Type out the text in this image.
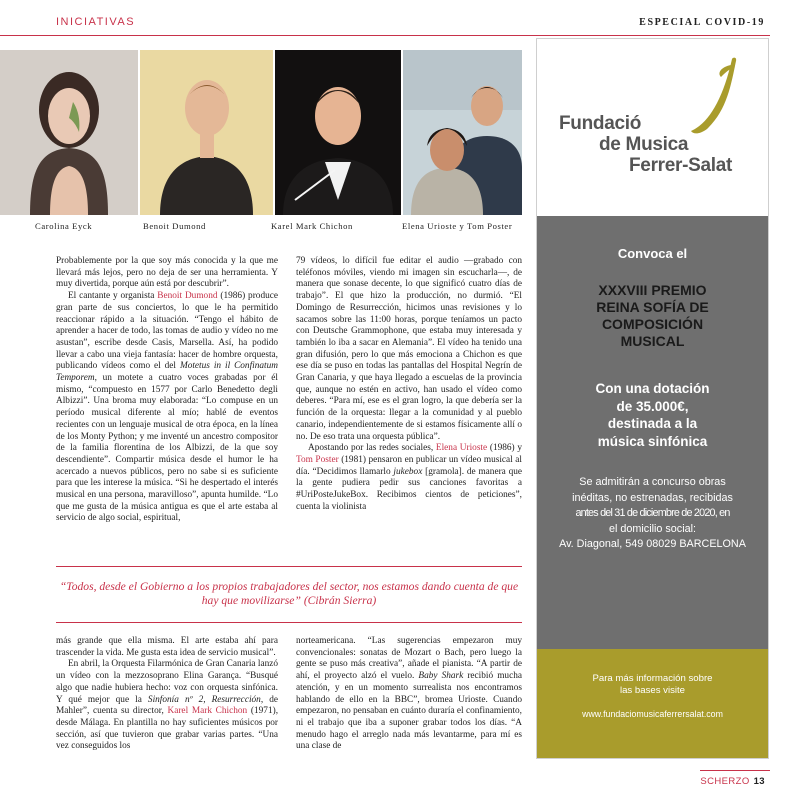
INICIATIVAS	ESPECIAL COVID-19
Carolina Eyck	Benoit Dumond	Karel Mark Chichon	Elena Urioste y Tom Poster

Probablemente por la que soy más conocida y la que me llevará más lejos, pero no deja de ser una herramienta. Y muy divertida, porque aún está por descubrir”.

El cantante y organista Benoit Dumond (1986) produce gran parte de sus conciertos, lo que le ha permitido reaccionar rápido a la situación. “Tengo el hábito de aprender a hacer de todo, las tomas de audio y vídeo no me asustan”, escribe desde Casis, Marsella. Así, ha podido llevar a cabo una vieja fantasía: hacer de hombre orquesta, publicando vídeos como el del Motetus in il Confinatum Temporem, un motete a cuatro voces grabadas por él mismo, “compuesto en 1577 por Carlo Benedetto degli Albizzi”. Una broma muy elaborada: “Lo compuse en un período musical diferente al mío; hablé de eventos recientes con un lenguaje musical de otra época, en la línea de los Monty Python; y me inventé un ancestro compositor de la familia florentina de los Albizzi, de la que soy descendiente”. Compartir música desde el humor le ha acercado a nuevos públicos, pero no sabe si es suficiente para que les interese la música. “Si he despertado el interés musical en una persona, maravilloso”, apunta humilde. “Lo que me gusta de la música antigua es que el arte estaba al servicio de algo social, espiritual,

79 vídeos, lo difícil fue editar el audio —grabado con teléfonos móviles, viendo mi imagen sin escucharla—, de manera que sonase decente, lo que significó cuatro días de trabajo”. El que hizo la producción, no durmió. “El Domingo de Resurrección, hicimos unas revisiones y lo sacamos sobre las 11:00 horas, porque teníamos un pacto con Deutsche Grammophone, que estaba muy interesada y también lo iba a sacar en Alemania”. El vídeo ha tenido una gran difusión, pero lo que más emociona a Chichon es que ese día se puso en todas las pantallas del Hospital Negrín de Gran Canaria, y que haya llegado a escuelas de la provincia que, aunque no estén en activo, han usado el vídeo como deberes. “Para mí, ese es el gran logro, la que debería ser la función de la orquesta: llegar a la comunidad y al pueblo canario, independientemente de si estamos físicamente allí o no. De eso trata una orquesta pública”.

Apostando por las redes sociales, Elena Urioste (1986) y Tom Poster (1981) pensaron en publicar un vídeo musical al día. “Decidimos llamarlo jukebox [gramola]. de manera que la gente pudiera pedir sus canciones favoritas a #UriPosteJukeBox. Recibimos cientos de peticiones”, cuenta la violinista

“Todos, desde el Gobierno a los propios trabajadores del sector, nos estamos dando cuenta de que hay que movilizarse” (Cibrán Sierra)

más grande que ella misma. El arte estaba ahí para trascender la vida. Me gusta esta idea de servicio musical”.

En abril, la Orquesta Filarmónica de Gran Canaria lanzó un vídeo con la mezzosoprano Elina Garança. “Busqué algo que nadie hubiera hecho: voz con orquesta sinfónica. Y qué mejor que la Sinfonía nº 2, Resurrección, de Mahler”, cuenta su director, Karel Mark Chichon (1971), desde Málaga. En plantilla no hay suficientes músicos por sección, así que tuvieron que grabar varias partes. “Una vez conseguidos los

norteamericana. “Las sugerencias empezaron muy convencionales: sonatas de Mozart o Bach, pero luego la gente se puso más creativa”, añade el pianista. “A partir de ahí, el proyecto alzó el vuelo. Baby Shark recibió mucha atención, y en un momento surrealista nos encontramos hablando de ello en la BBC”, bromea Urioste. Cuando empezaron, no pensaban en cuánto duraría el confinamiento, ni el trabajo que iba a suponer grabar todos los días. “A menudo hago el arreglo nada más levantarme, para mí es una clase de

Fundació
de Musica
Ferrer-Salat
Convoca el
XXXVIII PREMIO
REINA SOFÍA DE
COMPOSICIÓN
MUSICAL
Con una dotación
de 35.000€,
destinada a la
música sinfónica
Se admitirán a concurso obras
inéditas, no estrenadas, recibidas
antes del 31 de diciembre de 2020, en
el domicilio social:
Av. Diagonal, 549 08029 BARCELONA
Para más información sobre
las bases visite
www.fundaciomusicaferrersalat.com
SCHERZO 13
